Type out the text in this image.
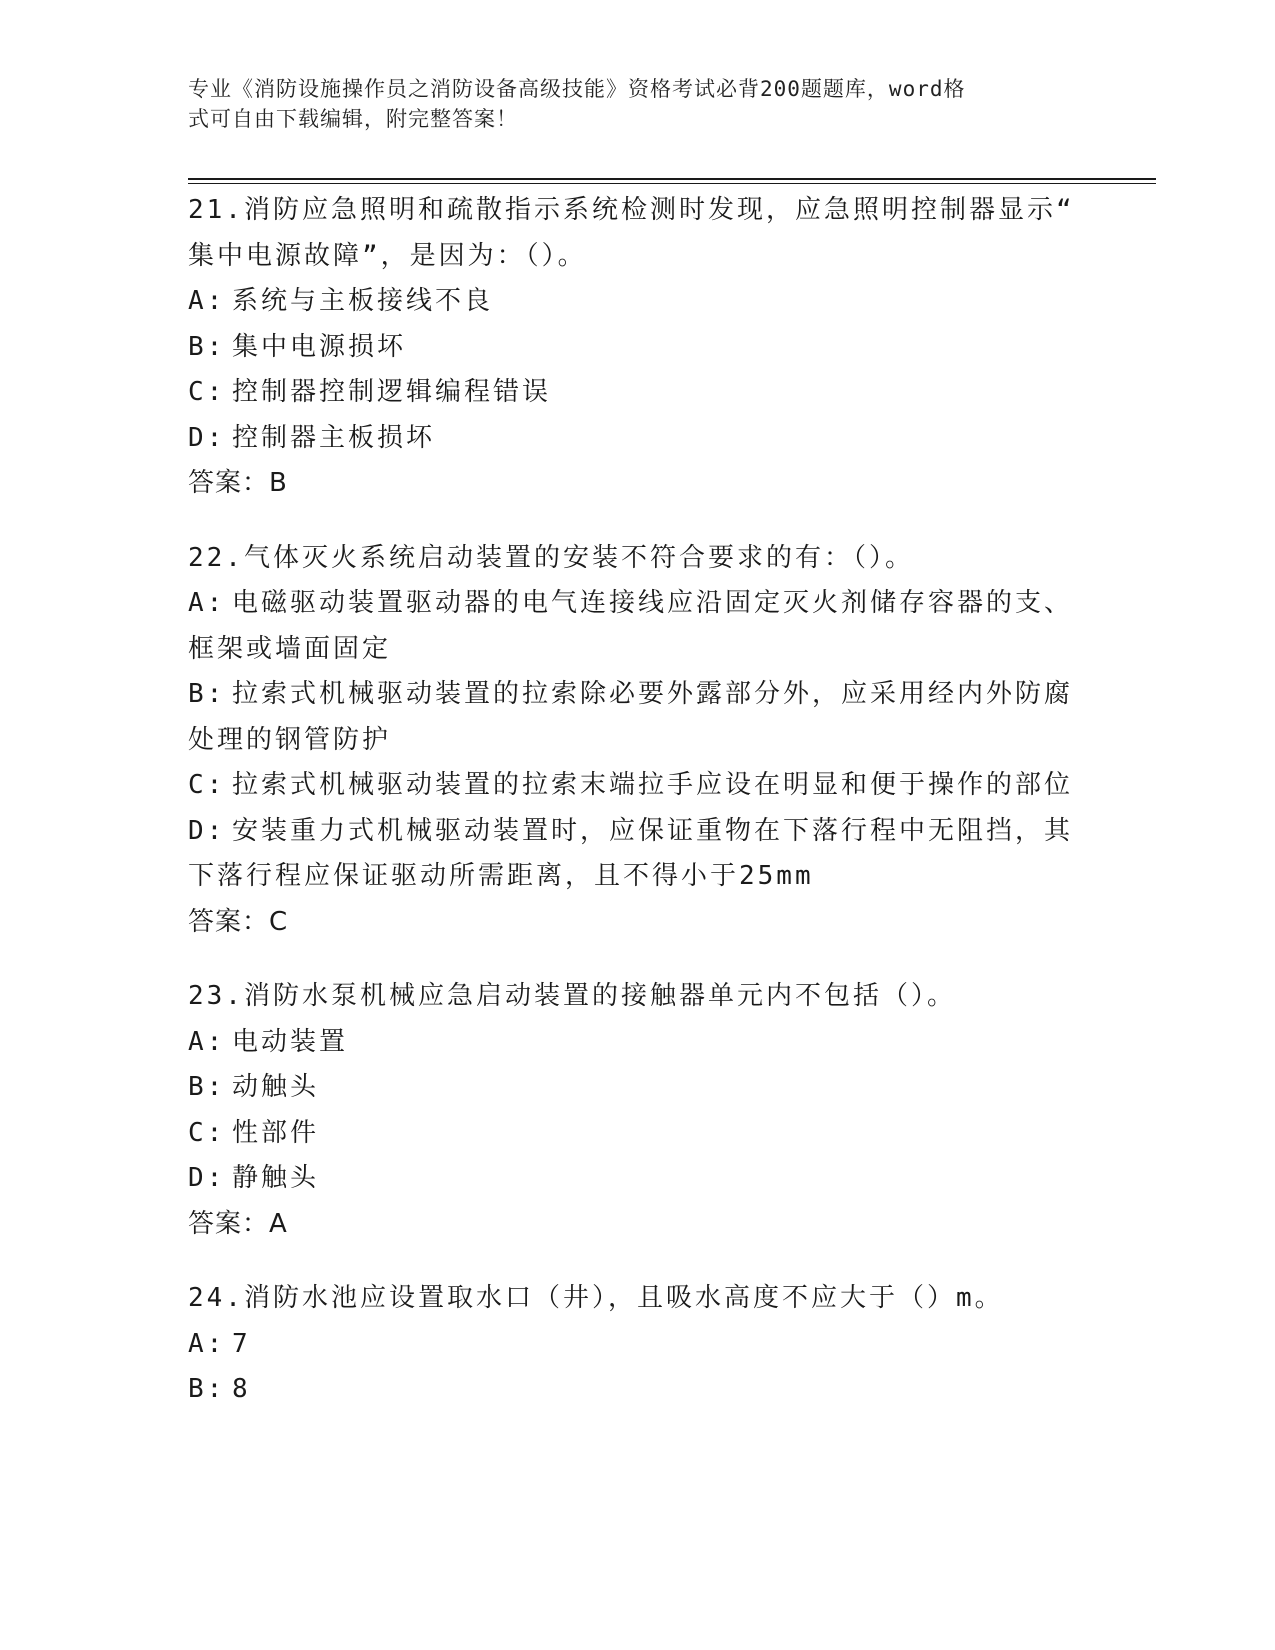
专业《消防设施操作员之消防设备高级技能》资格考试必背200题题库，word格
式可自由下载编辑，附完整答案！
21.消防应急照明和疏散指示系统检测时发现，应急照明控制器显示“
集中电源故障”，是因为：（）。
A: 系统与主板接线不良
B: 集中电源损坏
C: 控制器控制逻辑编程错误
D: 控制器主板损坏
答案：B
22.气体灭火系统启动装置的安装不符合要求的有：（）。
A: 电磁驱动装置驱动器的电气连接线应沿固定灭火剂储存容器的支、
框架或墙面固定
B: 拉索式机械驱动装置的拉索除必要外露部分外，应采用经内外防腐
处理的钢管防护
C: 拉索式机械驱动装置的拉索末端拉手应设在明显和便于操作的部位
D: 安装重力式机械驱动装置时，应保证重物在下落行程中无阻挡，其
下落行程应保证驱动所需距离，且不得小于25mm
答案：C
23.消防水泵机械应急启动装置的接触器单元内不包括（）。
A: 电动装置
B: 动触头
C: 性部件
D: 静触头
答案：A
24.消防水池应设置取水口（井），且吸水高度不应大于（）m。
A: 7
B: 8
